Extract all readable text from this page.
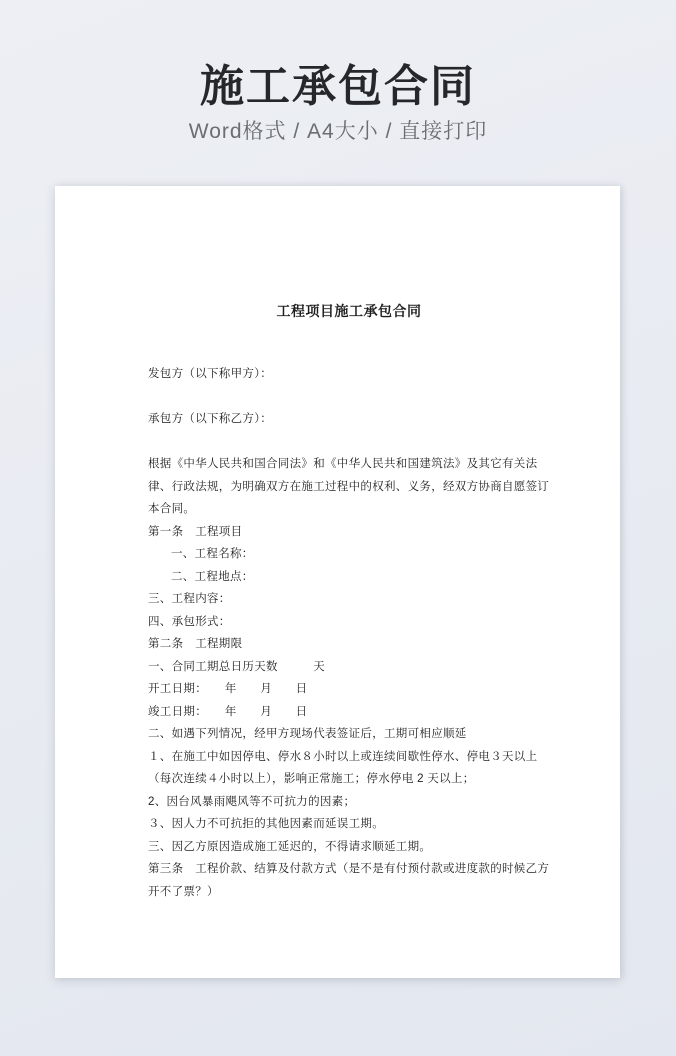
施工承包合同

Word格式 / A4大小 / 直接打印

工程项目施工承包合同
发包方（以下称甲方）：
承包方（以下称乙方）：
根据《中华人民共和国合同法》和《中华人民共和国建筑法》及其它有关法
律、行政法规，为明确双方在施工过程中的权利、义务，经双方协商自愿签订
本合同。
第一条　工程项目
一、工程名称：
二、工程地点：
三、工程内容：
四、承包形式：
第二条　工程期限
一、合同工期总日历天数　　　天
开工日期：　　年　　月　　日
竣工日期：　　年　　月　　日
二、如遇下列情况，经甲方现场代表签证后，工期可相应顺延
１、在施工中如因停电、停水８小时以上或连续间歇性停水、停电３天以上
（每次连续４小时以上），影响正常施工；停水停电 2 天以上；
2、因台风暴雨飓风等不可抗力的因素；
３、因人力不可抗拒的其他因素而延误工期。
三、因乙方原因造成施工延迟的，不得请求顺延工期。
第三条　工程价款、结算及付款方式（是不是有付预付款或进度款的时候乙方
开不了票？）
